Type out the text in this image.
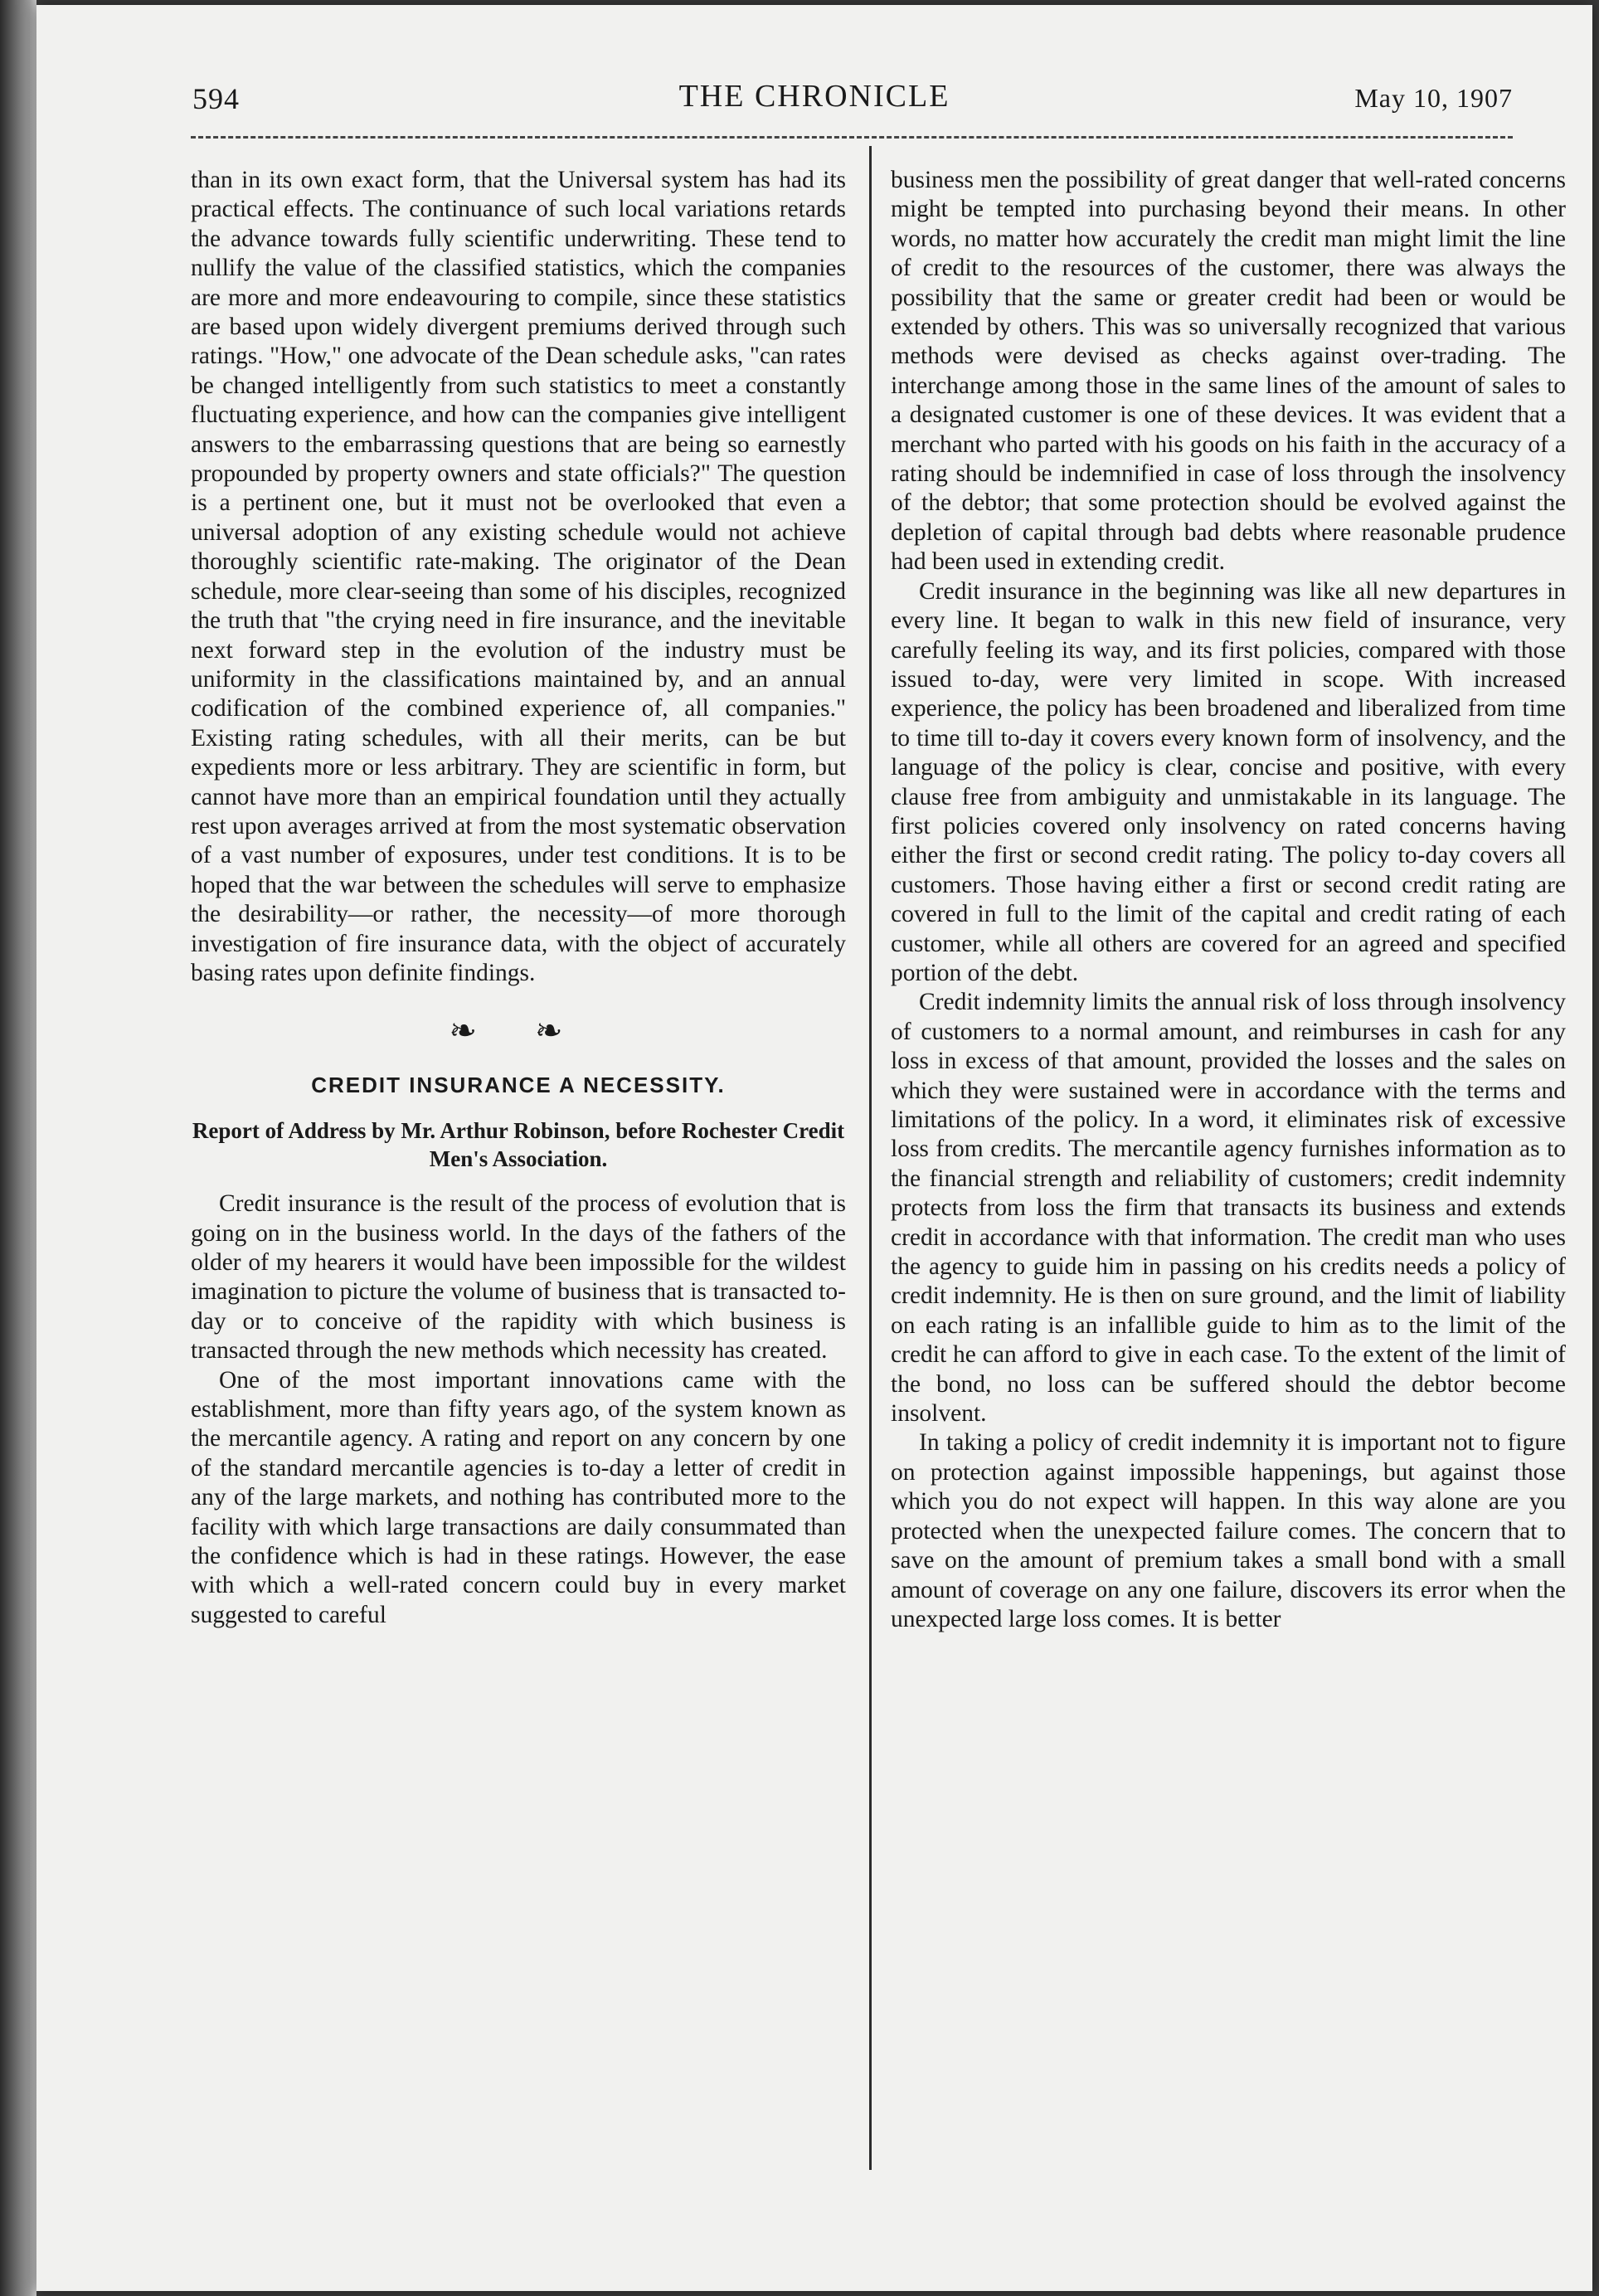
594	THE CHRONICLE	May 10, 1907

than in its own exact form, that the Universal system has had its practical effects. The continuance of such local variations retards the advance towards fully scientific underwriting. These tend to nullify the value of the classified statistics, which the companies are more and more endeavouring to compile, since these statistics are based upon widely divergent premiums derived through such ratings. "How," one advocate of the Dean schedule asks, "can rates be changed intelligently from such statistics to meet a constantly fluctuating experience, and how can the companies give intelligent answers to the embarrassing questions that are being so earnestly propounded by property owners and state officials?" The question is a pertinent one, but it must not be overlooked that even a universal adoption of any existing schedule would not achieve thoroughly scientific rate-making. The originator of the Dean schedule, more clear-seeing than some of his disciples, recognized the truth that "the crying need in fire insurance, and the inevitable next forward step in the evolution of the industry must be uniformity in the classifications maintained by, and an annual codification of the combined experience of, all companies." Existing rating schedules, with all their merits, can be but expedients more or less arbitrary. They are scientific in form, but cannot have more than an empirical foundation until they actually rest upon averages arrived at from the most systematic observation of a vast number of exposures, under test conditions. It is to be hoped that the war between the schedules will serve to emphasize the desirability—or rather, the necessity—of more thorough investigation of fire insurance data, with the object of accurately basing rates upon definite findings.

❧ ❧
CREDIT INSURANCE A NECESSITY.
Report of Address by Mr. Arthur Robinson, before Rochester Credit Men's Association.

Credit insurance is the result of the process of evolution that is going on in the business world. In the days of the fathers of the older of my hearers it would have been impossible for the wildest imagination to picture the volume of business that is transacted to-day or to conceive of the rapidity with which business is transacted through the new methods which necessity has created.

One of the most important innovations came with the establishment, more than fifty years ago, of the system known as the mercantile agency. A rating and report on any concern by one of the standard mercantile agencies is to-day a letter of credit in any of the large markets, and nothing has contributed more to the facility with which large transactions are daily consummated than the confidence which is had in these ratings. However, the ease with which a well-rated concern could buy in every market suggested to careful

business men the possibility of great danger that well-rated concerns might be tempted into purchasing beyond their means. In other words, no matter how accurately the credit man might limit the line of credit to the resources of the customer, there was always the possibility that the same or greater credit had been or would be extended by others. This was so universally recognized that various methods were devised as checks against over-trading. The interchange among those in the same lines of the amount of sales to a designated customer is one of these devices. It was evident that a merchant who parted with his goods on his faith in the accuracy of a rating should be indemnified in case of loss through the insolvency of the debtor; that some protection should be evolved against the depletion of capital through bad debts where reasonable prudence had been used in extending credit.

Credit insurance in the beginning was like all new departures in every line. It began to walk in this new field of insurance, very carefully feeling its way, and its first policies, compared with those issued to-day, were very limited in scope. With increased experience, the policy has been broadened and liberalized from time to time till to-day it covers every known form of insolvency, and the language of the policy is clear, concise and positive, with every clause free from ambiguity and unmistakable in its language. The first policies covered only insolvency on rated concerns having either the first or second credit rating. The policy to-day covers all customers. Those having either a first or second credit rating are covered in full to the limit of the capital and credit rating of each customer, while all others are covered for an agreed and specified portion of the debt.

Credit indemnity limits the annual risk of loss through insolvency of customers to a normal amount, and reimburses in cash for any loss in excess of that amount, provided the losses and the sales on which they were sustained were in accordance with the terms and limitations of the policy. In a word, it eliminates risk of excessive loss from credits. The mercantile agency furnishes information as to the financial strength and reliability of customers; credit indemnity protects from loss the firm that transacts its business and extends credit in accordance with that information. The credit man who uses the agency to guide him in passing on his credits needs a policy of credit indemnity. He is then on sure ground, and the limit of liability on each rating is an infallible guide to him as to the limit of the credit he can afford to give in each case. To the extent of the limit of the bond, no loss can be suffered should the debtor become insolvent.

In taking a policy of credit indemnity it is important not to figure on protection against impossible happenings, but against those which you do not expect will happen. In this way alone are you protected when the unexpected failure comes. The concern that to save on the amount of premium takes a small bond with a small amount of coverage on any one failure, discovers its error when the unexpected large loss comes. It is better
